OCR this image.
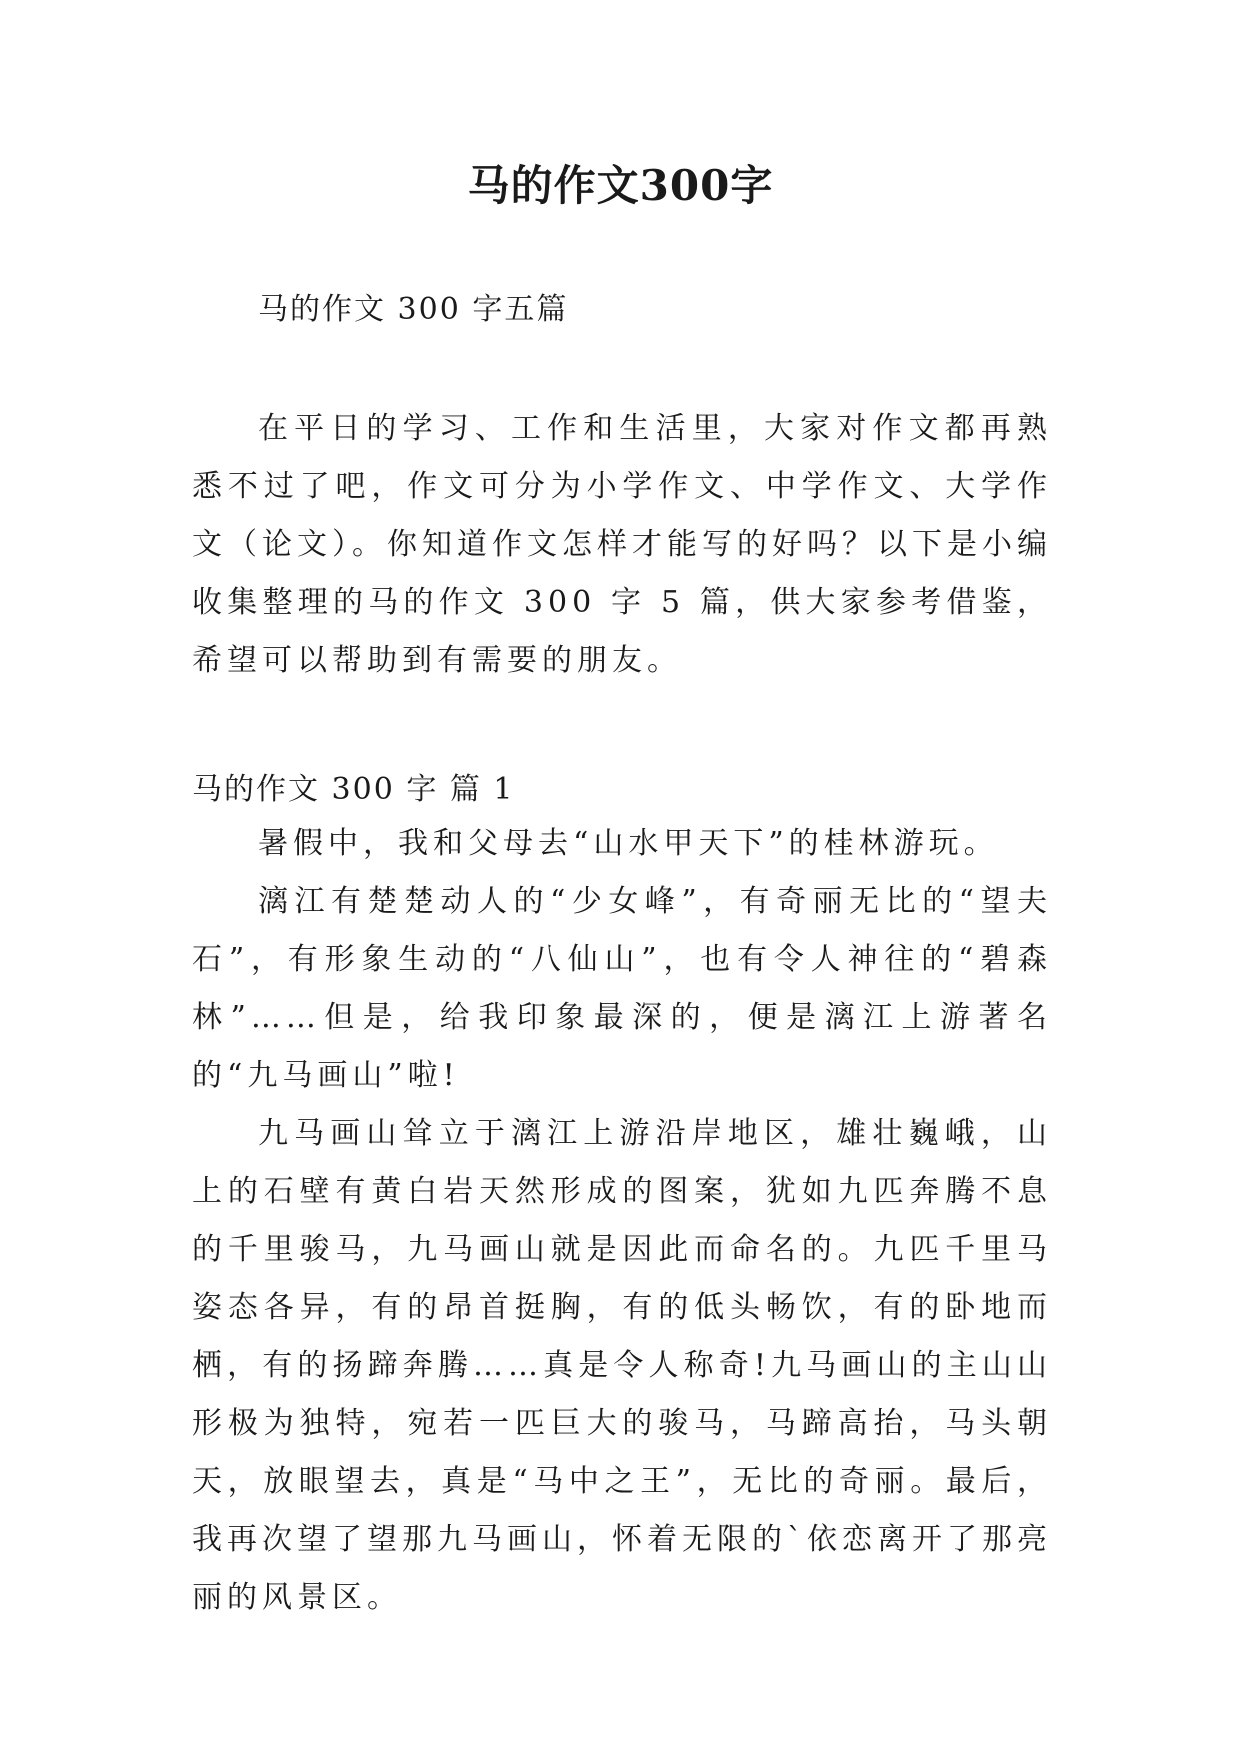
马的作文300字
马的作文 300 字五篇

在平日的学习、工作和生活里，大家对作文都再熟悉不过了吧，作文可分为小学作文、中学作文、大学作文（论文）。你知道作文怎样才能写的好吗？以下是小编收集整理的马的作文 300 字 5 篇，供大家参考借鉴，希望可以帮助到有需要的朋友。

马的作文 300 字 篇 1

暑假中，我和父母去“山水甲天下”的桂林游玩。

漓江有楚楚动人的“少女峰”，有奇丽无比的“望夫石”，有形象生动的“八仙山”，也有令人神往的“碧森林”……但是，给我印象最深的，便是漓江上游著名的“九马画山”啦!

九马画山耸立于漓江上游沿岸地区，雄壮巍峨，山上的石壁有黄白岩天然形成的图案，犹如九匹奔腾不息的千里骏马，九马画山就是因此而命名的。九匹千里马姿态各异，有的昂首挺胸，有的低头畅饮，有的卧地而栖，有的扬蹄奔腾……真是令人称奇!九马画山的主山山形极为独特，宛若一匹巨大的骏马，马蹄高抬，马头朝天，放眼望去，真是“马中之王”，无比的奇丽。最后，我再次望了望那九马画山，怀着无限的`依恋离开了那亮丽的风景区。
